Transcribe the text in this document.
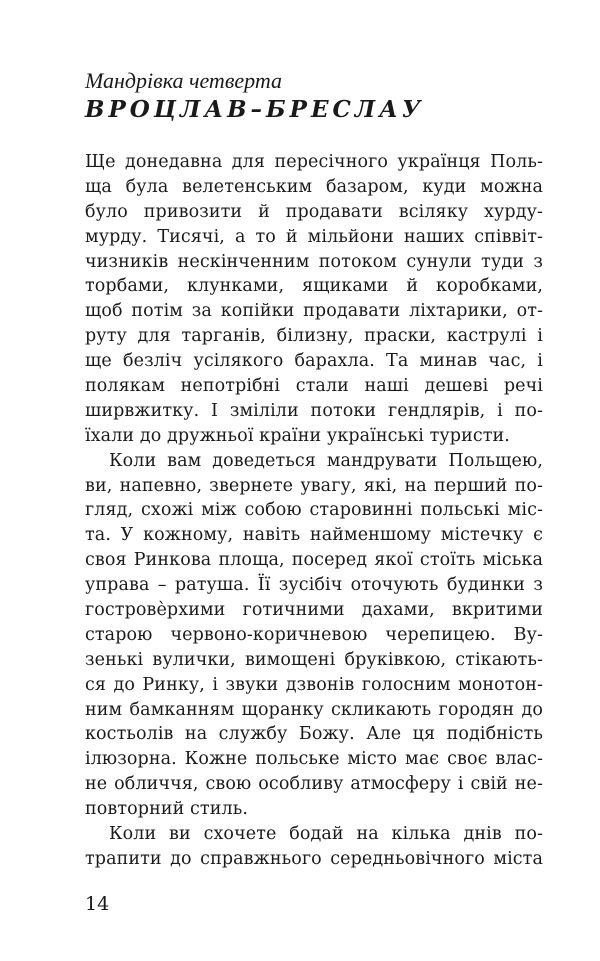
Мандрівка четверта
ВРОЦЛАВ–БРЕСЛАУ
Ще донедавна для пересічного українця Поль-
ща була велетенським базаром, куди можна
було привозити й продавати всіляку хурду-
мурду. Тисячі, а то й мільйони наших співвіт-
чизників нескінченним потоком сунули туди з
торбами, клунками, ящиками й коробками,
щоб потім за копійки продавати ліхтарики, от-
руту для тарганів, білизну, праски, каструлі і
ще безліч усілякого барахла. Та минав час, і
полякам непотрібні стали наші дешеві речі
ширвжитку. І зміліли потоки гендлярів, і по-
їхали до дружньої країни українські туристи.
Коли вам доведеться мандрувати Польщею,
ви, напевно, звернете увагу, які, на перший по-
гляд, схожі між собою старовинні польські міс-
та. У кожному, навіть найменшому містечку є
своя Ринкова площа, посеред якої стоїть міська
управа – ратуша. Її зусібіч оточують будинки з
гостровѐрхими готичними дахами, вкритими
старою червоно-коричневою черепицею. Ву-
зенькі вулички, вимощені бруківкою, стікають-
ся до Ринку, і звуки дзвонів голосним монотон-
ним бамканням щоранку скликають городян до
костьолів на службу Божу. Але ця подібність
ілюзорна. Кожне польське місто має своє влас-
не обличчя, свою особливу атмосферу і свій не-
повторний стиль.
Коли ви схочете бодай на кілька днів по-
трапити до справжнього середньовічного міста
14
